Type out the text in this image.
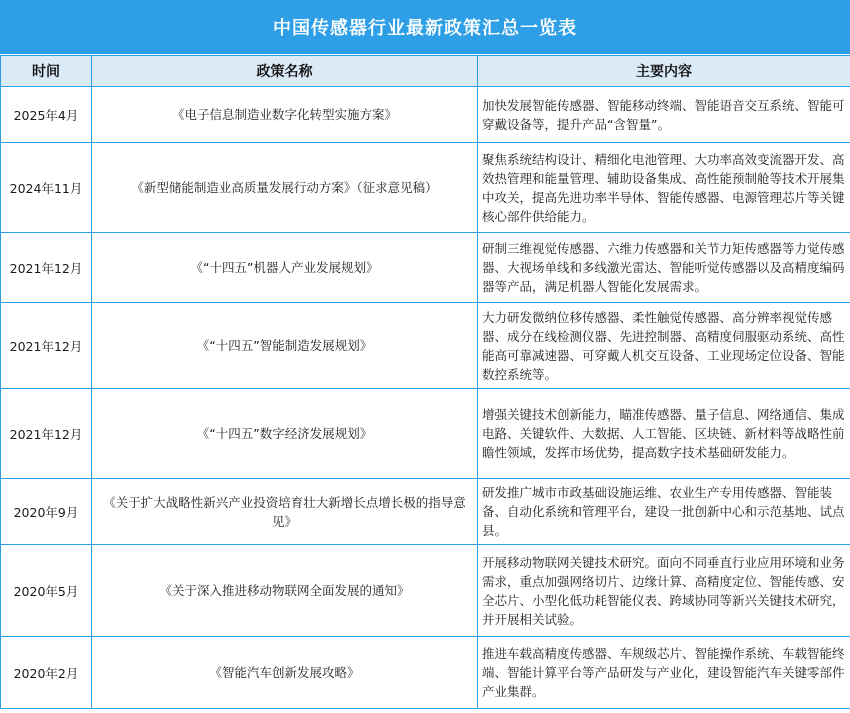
中国传感器行业最新政策汇总一览表
时间	政策名称	主要内容
2025年4月	《电子信息制造业数字化转型实施方案》	加快发展智能传感器、智能移动终端、智能语音交互系统、智能可穿戴设备等，提升产品“含智量”。
2024年11月	《新型储能制造业高质量发展行动方案》（征求意见稿）	聚焦系统结构设计、精细化电池管理、大功率高效变流器开发、高效热管理和能量管理、辅助设备集成、高性能预制舱等技术开展集中攻关，提高先进功率半导体、智能传感器、电源管理芯片等关键核心部件供给能力。
2021年12月	《“十四五”机器人产业发展规划》	研制三维视觉传感器、六维力传感器和关节力矩传感器等力觉传感器、大视场单线和多线激光雷达、智能听觉传感器以及高精度编码器等产品，满足机器人智能化发展需求。
2021年12月	《“十四五”智能制造发展规划》	大力研发微纳位移传感器、柔性触觉传感器、高分辨率视觉传感器、成分在线检测仪器、先进控制器、高精度伺服驱动系统、高性能高可靠减速器、可穿戴人机交互设备、工业现场定位设备、智能数控系统等。
2021年12月	《“十四五”数字经济发展规划》	增强关键技术创新能力，瞄准传感器、量子信息、网络通信、集成电路、关键软件、大数据、人工智能、区块链、新材料等战略性前瞻性领域，发挥市场优势，提高数字技术基础研发能力。
2020年9月	《关于扩大战略性新兴产业投资培育壮大新增长点增长极的指导意见》	研发推广城市市政基础设施运维、农业生产专用传感器、智能装备、自动化系统和管理平台，建设一批创新中心和示范基地、试点县。
2020年5月	《关于深入推进移动物联网全面发展的通知》	开展移动物联网关键技术研究。面向不同垂直行业应用环境和业务需求，重点加强网络切片、边缘计算、高精度定位、智能传感、安全芯片、小型化低功耗智能仪表、跨域协同等新兴关键技术研究，并开展相关试验。
2020年2月	《智能汽车创新发展攻略》	推进车载高精度传感器、车规级芯片、智能操作系统、车载智能终端、智能计算平台等产品研发与产业化，建设智能汽车关键零部件产业集群。
